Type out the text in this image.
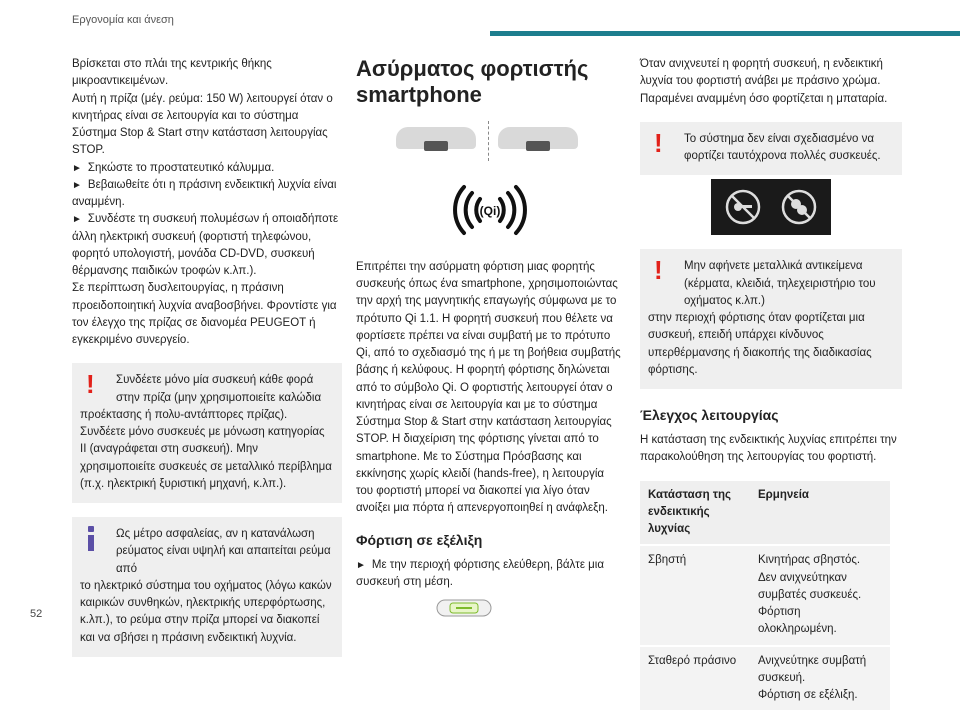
Εργονομία και άνεση

Βρίσκεται στο πλάι της κεντρικής θήκης μικροαντικειμένων.

Αυτή η πρίζα (μέγ. ρεύμα: 150 W) λειτουργεί όταν ο κινητήρας είναι σε λειτουργία και το σύστημα Σύστημα Stop & Start στην κατάσταση λειτουργίας STOP.

► Σηκώστε το προστατευτικό κάλυμμα.

► Βεβαιωθείτε ότι η πράσινη ενδεικτική λυχνία είναι αναμμένη.

► Συνδέστε τη συσκευή πολυμέσων ή οποιαδήποτε άλλη ηλεκτρική συσκευή (φορτιστή τηλεφώνου, φορητό υπολογιστή, μονάδα CD-DVD, συσκευή θέρμανσης παιδικών τροφών κ.λπ.).

Σε περίπτωση δυσλειτουργίας, η πράσινη προειδοποιητική λυχνία αναβοσβήνει. Φροντίστε για τον έλεγχο της πρίζας σε διανομέα PEUGEOT ή εγκεκριμένο συνεργείο.

!	Συνδέετε μόνο μία συσκευή κάθε φορά στην πρίζα (μην χρησιμοποιείτε καλώδια

προέκτασης ή πολυ-αντάπτορες πρίζας). Συνδέετε μόνο συσκευές με μόνωση κατηγορίας II (αναγράφεται στη συσκευή). Μην χρησιμοποιείτε συσκευές σε μεταλλικό περίβλημα (π.χ. ηλεκτρική ξυριστική μηχανή, κ.λπ.).

Ως μέτρο ασφαλείας, αν η κατανάλωση ρεύματος είναι υψηλή και απαιτείται ρεύμα από

το ηλεκτρικό σύστημα του οχήματος (λόγω κακών καιρικών συνθηκών, ηλεκτρικής υπερφόρτωσης, κ.λπ.), το ρεύμα στην πρίζα μπορεί να διακοπεί και να σβήσει η πράσινη ενδεικτική λυχνία.

Ασύρματος φορτιστής smartphone
(Qi)

Επιτρέπει την ασύρματη φόρτιση μιας φορητής συσκευής όπως ένα smartphone, χρησιμοποιώντας την αρχή της μαγνητικής επαγωγής σύμφωνα με το πρότυπο Qi 1.1. Η φορητή συσκευή που θέλετε να φορτίσετε πρέπει να είναι συμβατή με το πρότυπο Qi, από το σχεδιασμό της ή με τη βοήθεια συμβατής βάσης ή κελύφους. Η φορητή φόρτισης δηλώνεται από το σύμβολο Qi. Ο φορτιστής λειτουργεί όταν ο κινητήρας είναι σε λειτουργία και με το σύστημα Σύστημα Stop & Start στην κατάσταση λειτουργίας STOP. Η διαχείριση της φόρτισης γίνεται από το smartphone. Με το Σύστημα Πρόσβασης και εκκίνησης χωρίς κλειδί (hands-free), η λειτουργία του φορτιστή μπορεί να διακοπεί για λίγο όταν ανοίξει μια πόρτα ή απενεργοποιηθεί η ανάφλεξη.

Φόρτιση σε εξέλιξη

► Με την περιοχή φόρτισης ελεύθερη, βάλτε μια συσκευή στη μέση.

Όταν ανιχνευτεί η φορητή συσκευή, η ενδεικτική λυχνία του φορτιστή ανάβει με πράσινο χρώμα. Παραμένει αναμμένη όσο φορτίζεται η μπαταρία.

!	Το σύστημα δεν είναι σχεδιασμένο να φορτίζει ταυτόχρονα πολλές συσκευές.

!	Μην αφήνετε μεταλλικά αντικείμενα (κέρματα, κλειδιά, τηλεχειριστήριο του οχήματος κ.λπ.)

στην περιοχή φόρτισης όταν φορτίζεται μια συσκευή, επειδή υπάρχει κίνδυνος υπερθέρμανσης ή διακοπής της διαδικασίας φόρτισης.

Έλεγχος λειτουργίας

Η κατάσταση της ενδεικτικής λυχνίας επιτρέπει την παρακολούθηση της λειτουργίας του φορτιστή.

Κατάσταση της ενδεικτικής λυχνίας	Ερμηνεία
Σβηστή	Κινητήρας σβηστός.
Δεν ανιχνεύτηκαν συμβατές συσκευές.
Φόρτιση ολοκληρωμένη.

Σταθερό πράσινο	Ανιχνεύτηκε συμβατή συσκευή.
Φόρτιση σε εξέλιξη.
52
